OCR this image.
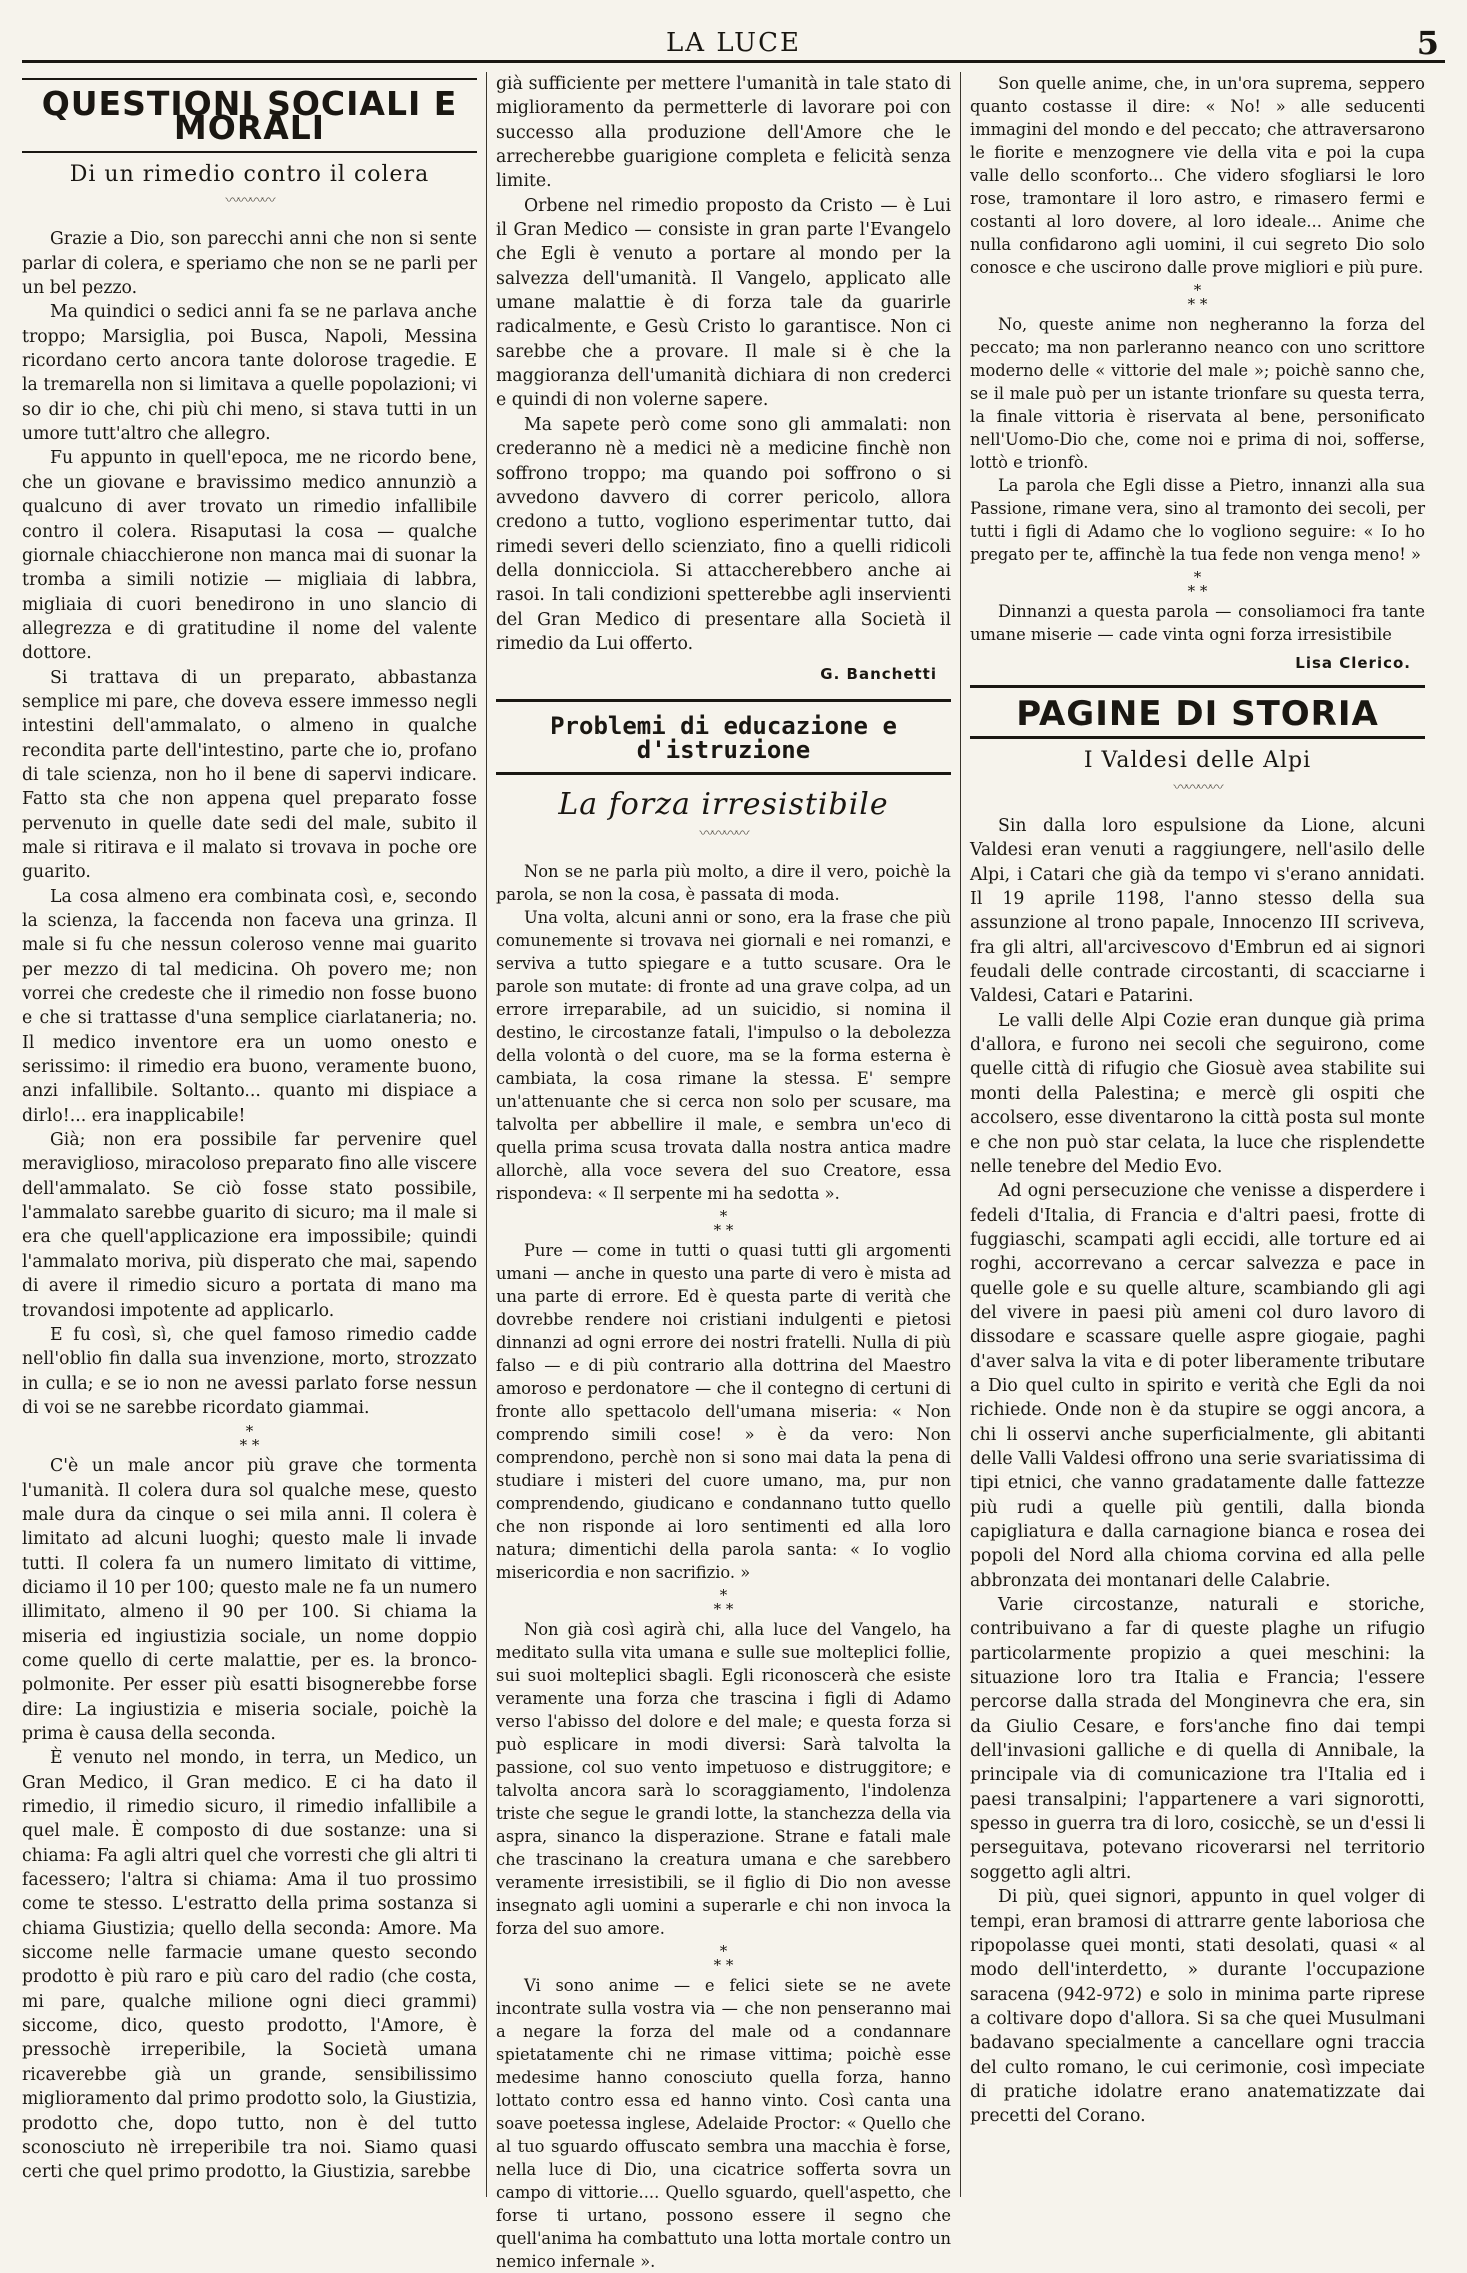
LA LUCE	5
QUESTIONI SOCIALI E MORALI
Di un rimedio contro il colera
〰〰〰〰

Grazie a Dio, son parecchi anni che non si sente parlar di colera, e speriamo che non se ne parli per un bel pezzo.

Ma quindici o sedici anni fa se ne parlava anche troppo; Marsiglia, poi Busca, Napoli, Messina ricordano certo ancora tante dolorose tragedie. E la tremarella non si limitava a quelle popolazioni; vi so dir io che, chi più chi meno, si stava tutti in un umore tutt'altro che allegro.

Fu appunto in quell'epoca, me ne ricordo bene, che un giovane e bravissimo medico annunziò a qualcuno di aver trovato un rimedio infallibile contro il colera. Risaputasi la cosa — qualche giornale chiacchierone non manca mai di suonar la tromba a simili notizie — migliaia di labbra, migliaia di cuori benedirono in uno slancio di allegrezza e di gratitudine il nome del valente dottore.

Si trattava di un preparato, abbastanza semplice mi pare, che doveva essere immesso negli intestini dell'ammalato, o almeno in qualche recondita parte dell'intestino, parte che io, profano di tale scienza, non ho il bene di sapervi indicare. Fatto sta che non appena quel preparato fosse pervenuto in quelle date sedi del male, subito il male si ritirava e il malato si trovava in poche ore guarito.

La cosa almeno era combinata così, e, secondo la scienza, la faccenda non faceva una grinza. Il male si fu che nessun coleroso venne mai guarito per mezzo di tal medicina. Oh povero me; non vorrei che credeste che il rimedio non fosse buono e che si trattasse d'una semplice ciarlataneria; no. Il medico inventore era un uomo onesto e serissimo: il rimedio era buono, veramente buono, anzi infallibile. Soltanto... quanto mi dispiace a dirlo!... era inapplicabile!

Già; non era possibile far pervenire quel meraviglioso, miracoloso preparato fino alle viscere dell'ammalato. Se ciò fosse stato possibile, l'ammalato sarebbe guarito di sicuro; ma il male si era che quell'applicazione era impossibile; quindi l'ammalato moriva, più disperato che mai, sapendo di avere il rimedio sicuro a portata di mano ma trovandosi impotente ad applicarlo.

E fu così, sì, che quel famoso rimedio cadde nell'oblio fin dalla sua invenzione, morto, strozzato in culla; e se io non ne avessi parlato forse nessun di voi se ne sarebbe ricordato giammai.

*
* *

C'è un male ancor più grave che tormenta l'umanità. Il colera dura sol qualche mese, questo male dura da cinque o sei mila anni. Il colera è limitato ad alcuni luoghi; questo male li invade tutti. Il colera fa un numero limitato di vittime, diciamo il 10 per 100; questo male ne fa un numero illimitato, almeno il 90 per 100. Si chiama la miseria ed ingiustizia sociale, un nome doppio come quello di certe malattie, per es. la bronco-polmonite. Per esser più esatti bisognerebbe forse dire: La ingiustizia e miseria sociale, poichè la prima è causa della seconda.

È venuto nel mondo, in terra, un Medico, un Gran Medico, il Gran medico. E ci ha dato il rimedio, il rimedio sicuro, il rimedio infallibile a quel male. È composto di due sostanze: una si chiama: Fa agli altri quel che vorresti che gli altri ti facessero; l'altra si chiama: Ama il tuo prossimo come te stesso. L'estratto della prima sostanza si chiama Giustizia; quello della seconda: Amore. Ma siccome nelle farmacie umane questo secondo prodotto è più raro e più caro del radio (che costa, mi pare, qualche milione ogni dieci grammi) siccome, dico, questo prodotto, l'Amore, è pressochè irreperibile, la Società umana ricaverebbe già un grande, sensibilissimo miglioramento dal primo prodotto solo, la Giustizia, prodotto che, dopo tutto, non è del tutto sconosciuto nè irreperibile tra noi. Siamo quasi certi che quel primo prodotto, la Giustizia, sarebbe

già sufficiente per mettere l'umanità in tale stato di miglioramento da permetterle di lavorare poi con successo alla produzione dell'Amore che le arrecherebbe guarigione completa e felicità senza limite.

Orbene nel rimedio proposto da Cristo — è Lui il Gran Medico — consiste in gran parte l'Evangelo che Egli è venuto a portare al mondo per la salvezza dell'umanità. Il Vangelo, applicato alle umane malattie è di forza tale da guarirle radicalmente, e Gesù Cristo lo garantisce. Non ci sarebbe che a provare. Il male si è che la maggioranza dell'umanità dichiara di non crederci e quindi di non volerne sapere.

Ma sapete però come sono gli ammalati: non crederanno nè a medici nè a medicine finchè non soffrono troppo; ma quando poi soffrono o si avvedono davvero di correr pericolo, allora credono a tutto, vogliono esperimentar tutto, dai rimedi severi dello scienziato, fino a quelli ridicoli della donnicciola. Si attaccherebbero anche ai rasoi. In tali condizioni spetterebbe agli inservienti del Gran Medico di presentare alla Società il rimedio da Lui offerto.

G. Banchetti
Problemi di educazione e d'istruzione
La forza irresistibile
〰〰〰〰

Non se ne parla più molto, a dire il vero, poichè la parola, se non la cosa, è passata di moda.

Una volta, alcuni anni or sono, era la frase che più comunemente si trovava nei giornali e nei romanzi, e serviva a tutto spiegare e a tutto scusare. Ora le parole son mutate: di fronte ad una grave colpa, ad un errore irreparabile, ad un suicidio, si nomina il destino, le circostanze fatali, l'impulso o la debolezza della volontà o del cuore, ma se la forma esterna è cambiata, la cosa rimane la stessa. E' sempre un'attenuante che si cerca non solo per scusare, ma talvolta per abbellire il male, e sembra un'eco di quella prima scusa trovata dalla nostra antica madre allorchè, alla voce severa del suo Creatore, essa rispondeva: « Il serpente mi ha sedotta ».

*
* *

Pure — come in tutti o quasi tutti gli argomenti umani — anche in questo una parte di vero è mista ad una parte di errore. Ed è questa parte di verità che dovrebbe rendere noi cristiani indulgenti e pietosi dinnanzi ad ogni errore dei nostri fratelli. Nulla di più falso — e di più contrario alla dottrina del Maestro amoroso e perdonatore — che il contegno di certuni di fronte allo spettacolo dell'umana miseria: « Non comprendo simili cose! » è da vero: Non comprendono, perchè non si sono mai data la pena di studiare i misteri del cuore umano, ma, pur non comprendendo, giudicano e condannano tutto quello che non risponde ai loro sentimenti ed alla loro natura; dimentichi della parola santa: « Io voglio misericordia e non sacrifizio. »

*
* *

Non già così agirà chi, alla luce del Vangelo, ha meditato sulla vita umana e sulle sue molteplici follie, sui suoi molteplici sbagli. Egli riconoscerà che esiste veramente una forza che trascina i figli di Adamo verso l'abisso del dolore e del male; e questa forza si può esplicare in modi diversi: Sarà talvolta la passione, col suo vento impetuoso e distruggitore; e talvolta ancora sarà lo scoraggiamento, l'indolenza triste che segue le grandi lotte, la stanchezza della via aspra, sinanco la disperazione. Strane e fatali male che trascinano la creatura umana e che sarebbero veramente irresistibili, se il figlio di Dio non avesse insegnato agli uomini a superarle e chi non invoca la forza del suo amore.

*
* *

Vi sono anime — e felici siete se ne avete incontrate sulla vostra via — che non penseranno mai a negare la forza del male od a condannare spietatamente chi ne rimase vittima; poichè esse medesime hanno conosciuto quella forza, hanno lottato contro essa ed hanno vinto. Così canta una soave poetessa inglese, Adelaide Proctor: « Quello che al tuo sguardo offuscato sembra una macchia è forse, nella luce di Dio, una cicatrice sofferta sovra un campo di vittorie.... Quello sguardo, quell'aspetto, che forse ti urtano, possono essere il segno che quell'anima ha combattuto una lotta mortale contro un nemico infernale ».

Son quelle anime, che, in un'ora suprema, seppero quanto costasse il dire: « No! » alle seducenti immagini del mondo e del peccato; che attraversarono le fiorite e menzognere vie della vita e poi la cupa valle dello sconforto... Che videro sfogliarsi le loro rose, tramontare il loro astro, e rimasero fermi e costanti al loro dovere, al loro ideale... Anime che nulla confidarono agli uomini, il cui segreto Dio solo conosce e che uscirono dalle prove migliori e più pure.

*
* *

No, queste anime non negheranno la forza del peccato; ma non parleranno neanco con uno scrittore moderno delle « vittorie del male »; poichè sanno che, se il male può per un istante trionfare su questa terra, la finale vittoria è riservata al bene, personificato nell'Uomo-Dio che, come noi e prima di noi, sofferse, lottò e trionfò.

La parola che Egli disse a Pietro, innanzi alla sua Passione, rimane vera, sino al tramonto dei secoli, per tutti i figli di Adamo che lo vogliono seguire: « Io ho pregato per te, affinchè la tua fede non venga meno! »

*
* *

Dinnanzi a questa parola — consoliamoci fra tante umane miserie — cade vinta ogni forza irresistibile

Lisa Clerico.
PAGINE DI STORIA
I Valdesi delle Alpi
〰〰〰〰

Sin dalla loro espulsione da Lione, alcuni Valdesi eran venuti a raggiungere, nell'asilo delle Alpi, i Catari che già da tempo vi s'erano annidati. Il 19 aprile 1198, l'anno stesso della sua assunzione al trono papale, Innocenzo III scriveva, fra gli altri, all'arcivescovo d'Embrun ed ai signori feudali delle contrade circostanti, di scacciarne i Valdesi, Catari e Patarini.

Le valli delle Alpi Cozie eran dunque già prima d'allora, e furono nei secoli che seguirono, come quelle città di rifugio che Giosuè avea stabilite sui monti della Palestina; e mercè gli ospiti che accolsero, esse diventarono la città posta sul monte e che non può star celata, la luce che risplendette nelle tenebre del Medio Evo.

Ad ogni persecuzione che venisse a disperdere i fedeli d'Italia, di Francia e d'altri paesi, frotte di fuggiaschi, scampati agli eccidi, alle torture ed ai roghi, accorrevano a cercar salvezza e pace in quelle gole e su quelle alture, scambiando gli agi del vivere in paesi più ameni col duro lavoro di dissodare e scassare quelle aspre giogaie, paghi d'aver salva la vita e di poter liberamente tributare a Dio quel culto in spirito e verità che Egli da noi richiede. Onde non è da stupire se oggi ancora, a chi li osservi anche superficialmente, gli abitanti delle Valli Valdesi offrono una serie svariatissima di tipi etnici, che vanno gradatamente dalle fattezze più rudi a quelle più gentili, dalla bionda capigliatura e dalla carnagione bianca e rosea dei popoli del Nord alla chioma corvina ed alla pelle abbronzata dei montanari delle Calabrie.

Varie circostanze, naturali e storiche, contribuivano a far di queste plaghe un rifugio particolarmente propizio a quei meschini: la situazione loro tra Italia e Francia; l'essere percorse dalla strada del Monginevra che era, sin da Giulio Cesare, e fors'anche fino dai tempi dell'invasioni galliche e di quella di Annibale, la principale via di comunicazione tra l'Italia ed i paesi transalpini; l'appartenere a vari signorotti, spesso in guerra tra di loro, cosicchè, se un d'essi li perseguitava, potevano ricoverarsi nel territorio soggetto agli altri.

Di più, quei signori, appunto in quel volger di tempi, eran bramosi di attrarre gente laboriosa che ripopolasse quei monti, stati desolati, quasi « al modo dell'interdetto, » durante l'occupazione saracena (942-972) e solo in minima parte riprese a coltivare dopo d'allora. Si sa che quei Musulmani badavano specialmente a cancellare ogni traccia del culto romano, le cui cerimonie, così impeciate di pratiche idolatre erano anatematizzate dai precetti del Corano.
